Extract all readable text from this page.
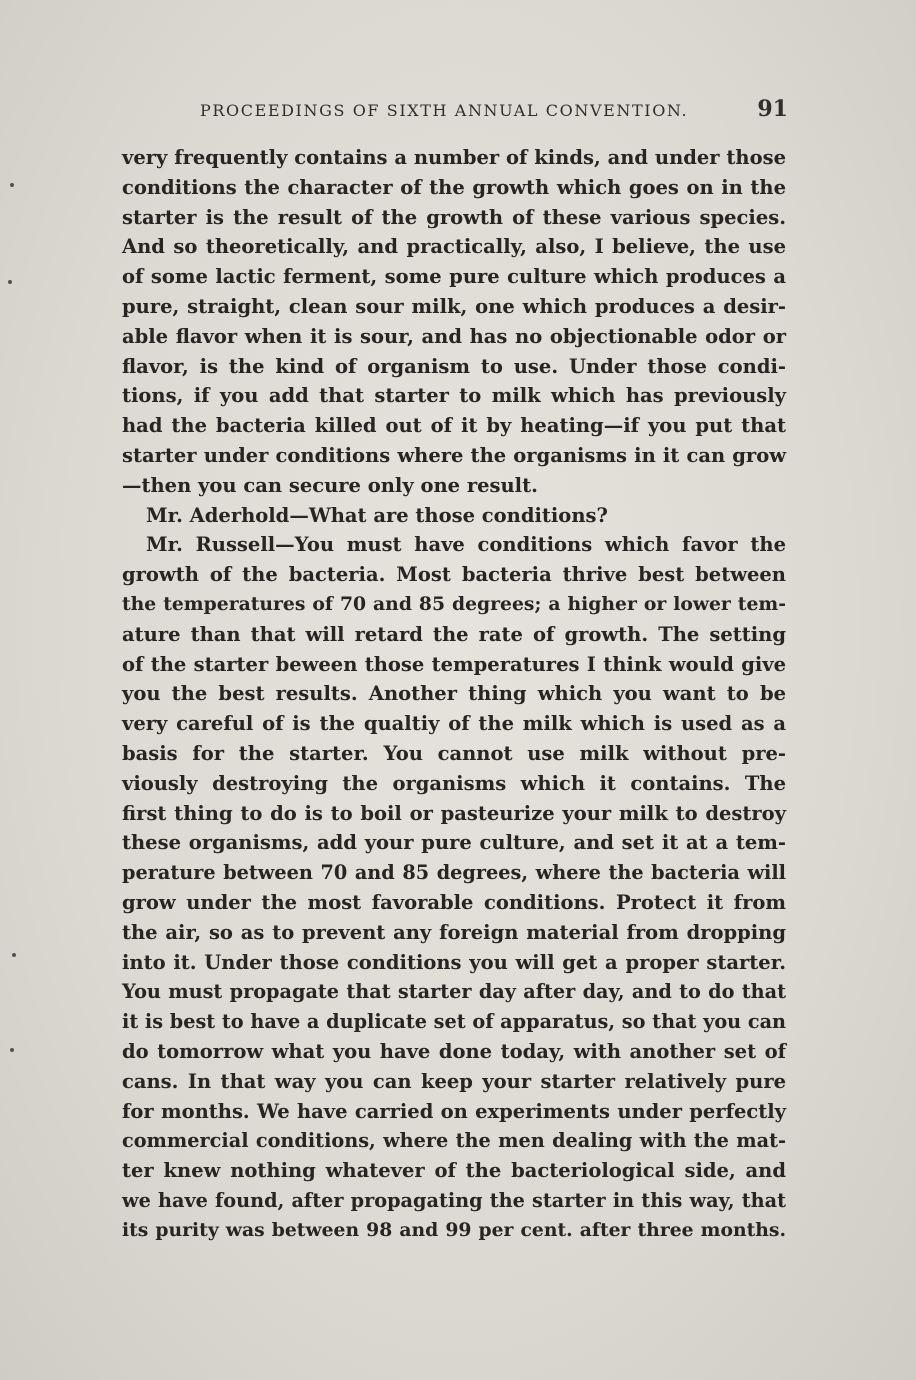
PROCEEDINGS OF SIXTH ANNUAL CONVENTION.	91
very frequently contains a number of kinds, and under those
conditions the character of the growth which goes on in the
starter is the result of the growth of these various species.
And so theoretically, and practically, also, I believe, the use
of some lactic ferment, some pure culture which produces a
pure, straight, clean sour milk, one which produces a desir-
able flavor when it is sour, and has no objectionable odor or
flavor, is the kind of organism to use. Under those condi-
tions, if you add that starter to milk which has previously
had the bacteria killed out of it by heating—if you put that
starter under conditions where the organisms in it can grow
—then you can secure only one result.
Mr. Aderhold—What are those conditions?
Mr. Russell—You must have conditions which favor the
growth of the bacteria. Most bacteria thrive best between
the temperatures of 70 and 85 degrees; a higher or lower tem-
ature than that will retard the rate of growth. The setting
of the starter beween those temperatures I think would give
you the best results. Another thing which you want to be
very careful of is the qualtiy of the milk which is used as a
basis for the starter. You cannot use milk without pre-
viously destroying the organisms which it contains. The
first thing to do is to boil or pasteurize your milk to destroy
these organisms, add your pure culture, and set it at a tem-
perature between 70 and 85 degrees, where the bacteria will
grow under the most favorable conditions. Protect it from
the air, so as to prevent any foreign material from dropping
into it. Under those conditions you will get a proper starter.
You must propagate that starter day after day, and to do that
it is best to have a duplicate set of apparatus, so that you can
do tomorrow what you have done today, with another set of
cans. In that way you can keep your starter relatively pure
for months. We have carried on experiments under perfectly
commercial conditions, where the men dealing with the mat-
ter knew nothing whatever of the bacteriological side, and
we have found, after propagating the starter in this way, that
its purity was between 98 and 99 per cent. after three months.
